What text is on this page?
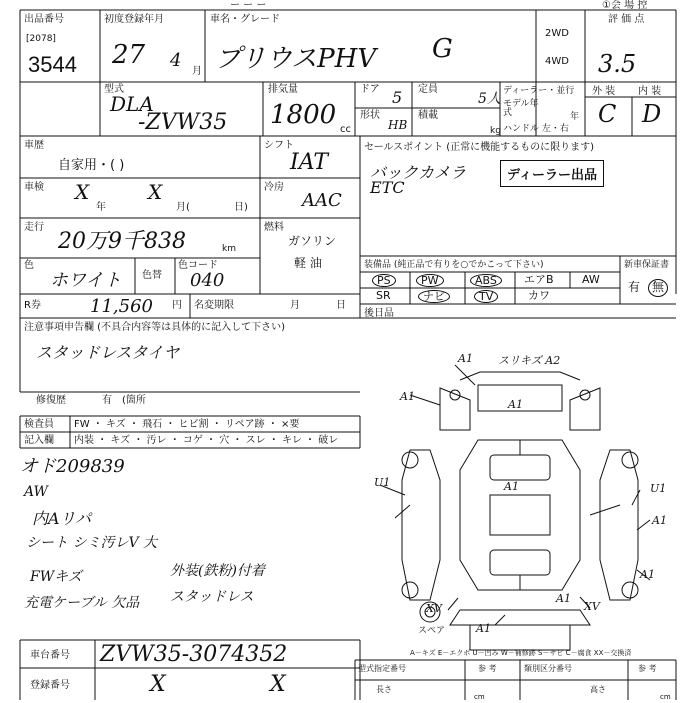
ー ー ー	①会 場 控
出品番号
[2078]
3544
初度登録年月
27 4
月
車名・グレード
プリウスPHV G
2WD
4WD
評 価 点
3.5
外 装 内 装
C D
型式
DLA
-ZVW35
排気量
1800 cc
ドア 5 定員
5人
形状
HB
積載
kg
ディーラー・並行
モデル年式	年
ハンドル 左・右
車歴
自家用・( )
シフト
IAT
車検 X
年
X
月(	日)
冷房
AAC
走行
20万9千838	km
燃料
ガソリン
軽 油
色
ホワイト 色替
色コード
040
R券	11,560 円 名変期限	月	日
注意事項申告欄 (不具合内容等は具体的に記入して下さい)
スタッドレスタイヤ
修復歴	有 (箇所
セールスポイント (正常に機能するものに限ります)
バックカメラ
ETC
ディーラー出品
装備品 (純正品で有りを○でかこって下さい)	新車保証書
PS	PW	ABS	エアB	AW
SR	ナビ	TV	カワ
有 無
後日品
検査員
記入欄
FW ・ キズ ・ 飛石 ・ ヒビ割 ・ リペア跡 ・ ×要
内装 ・ キズ ・ 汚レ ・ コゲ ・ 穴 ・ スレ ・ キレ ・ 破レ
オド209839
AW
内Aリパ
シート シミ汚レV 大
FWキズ
充電ケーブル 欠品
外装(鉄粉)付着
スタッドレス
A1 スリキズ A2
A1
A1
U1	A1	U1
A1
A1
XV	XV
A1
A1
スペア
車台番号 ZVW35-3074352
登録番号	X	X
A－キズ E－エクボ U－凹み W－補修跡 S－サビ C－腐食 XX－交換済
型式指定番号	参 考	類別区分番号	参 考
長さ	高さ
cm	cm
